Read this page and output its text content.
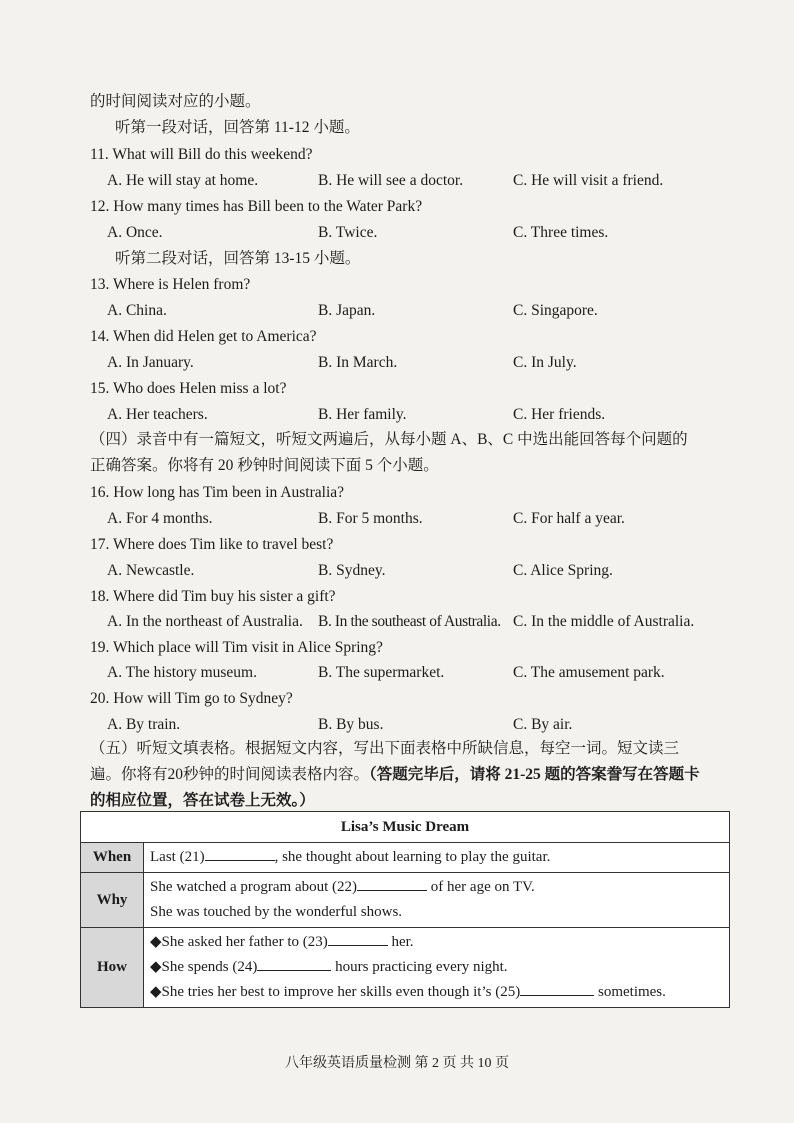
的时间阅读对应的小题。
听第一段对话，回答第 11-12 小题。
11. What will Bill do this weekend?
A. He will stay at home.	B. He will see a doctor.	C. He will visit a friend.
12. How many times has Bill been to the Water Park?
A. Once.	B. Twice.	C. Three times.
听第二段对话，回答第 13-15 小题。
13. Where is Helen from?
A. China.	B. Japan.	C. Singapore.
14. When did Helen get to America?
A. In January.	B. In March.	C. In July.
15. Who does Helen miss a lot?
A. Her teachers.	B. Her family.	C. Her friends.
（四）录音中有一篇短文，听短文两遍后，从每小题 A、B、C 中选出能回答每个问题的
正确答案。你将有 20 秒钟时间阅读下面 5 个小题。
16. How long has Tim been in Australia?
A. For 4 months.	B. For 5 months.	C. For half a year.
17. Where does Tim like to travel best?
A. Newcastle.	B. Sydney.	C. Alice Spring.
18. Where did Tim buy his sister a gift?
A. In the northeast of Australia. B. In the southeast of Australia. C. In the middle of Australia.
19. Which place will Tim visit in Alice Spring?
A. The history museum.	B. The supermarket.	C. The amusement park.
20. How will Tim go to Sydney?
A. By train.	B. By bus.	C. By air.
（五）听短文填表格。根据短文内容，写出下面表格中所缺信息，每空一词。短文读三
遍。你将有20秒钟的时间阅读表格内容。（答题完毕后，请将 21-25 题的答案誊写在答题卡
的相应位置，答在试卷上无效。）
Lisa’s Music Dream	
When	Last (21) , she thought about learning to play the guitar.
Why	She watched a program about (22) of her age on TV.
She was touched by the wonderful shows.

How	◆She asked her father to (23) her.
◆She spends (24) hours practicing every night.
◆She tries her best to improve her skills even though it’s (25) sometimes.
八年级英语质量检测 第 2 页 共 10 页
